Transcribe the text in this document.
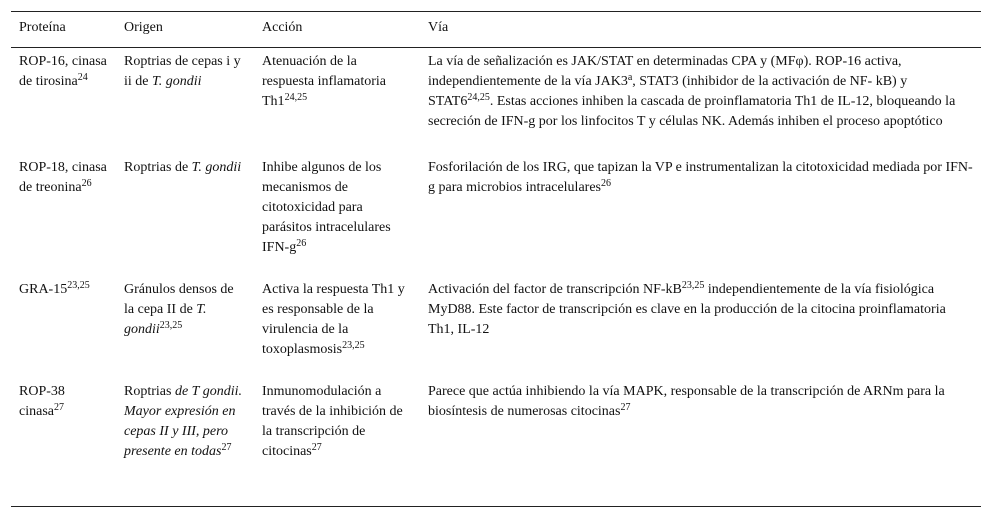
Proteína	Origen	Acción	Vía
ROP-16, cinasa de tirosina$^{24}$	Roptrias de cepas i y ii de T. gondii	Atenuación de la respuesta inflamatoria Th1$^{24,25}$	La vía de señalización es JAK/STAT en determinadas CPA y (MFφ). ROP-16 activa, independientemente de la vía JAK3$^a$, STAT3 (inhibidor de la activación de NF- kB) y STAT6$^{24,25}$. Estas acciones inhiben la cascada de proinflamatoria Th1 de IL-12, bloqueando la secreción de IFN-g por los linfocitos T y células NK. Además inhiben el proceso apoptótico
ROP-18, cinasa de treonina$^{26}$	Roptrias de T. gondii	Inhibe algunos de los mecanismos de citotoxicidad para parásitos intracelulares IFN-$g^{26}$	Fosforilación de los IRG, que tapizan la VP e instrumentalizan la citotoxicidad mediada por IFN-g para microbios intracelulares$^{26}$
GRA-15$^{23,25}$	Gránulos densos de la cepa II de T. gondii$^{23,25}$	Activa la respuesta Th1 y es responsable de la virulencia de la toxoplasmosis$^{23,25}$	Activación del factor de transcripción NF-kB$^{23,25}$ independientemente de la vía fisiológica MyD88. Este factor de transcripción es clave en la producción de la citocina proinflamatoria Th1, IL-12
ROP-38 cinasa$^{27}$	Roptrias de T gondii. Mayor expresión en cepas II y III, pero presente en todas$^{27}$	Inmunomodulación a través de la inhibición de la transcripción de citocinas$^{27}$	Parece que actúa inhibiendo la vía MAPK, responsable de la transcripción de ARNm para la biosíntesis de numerosas citocinas$^{27}$
